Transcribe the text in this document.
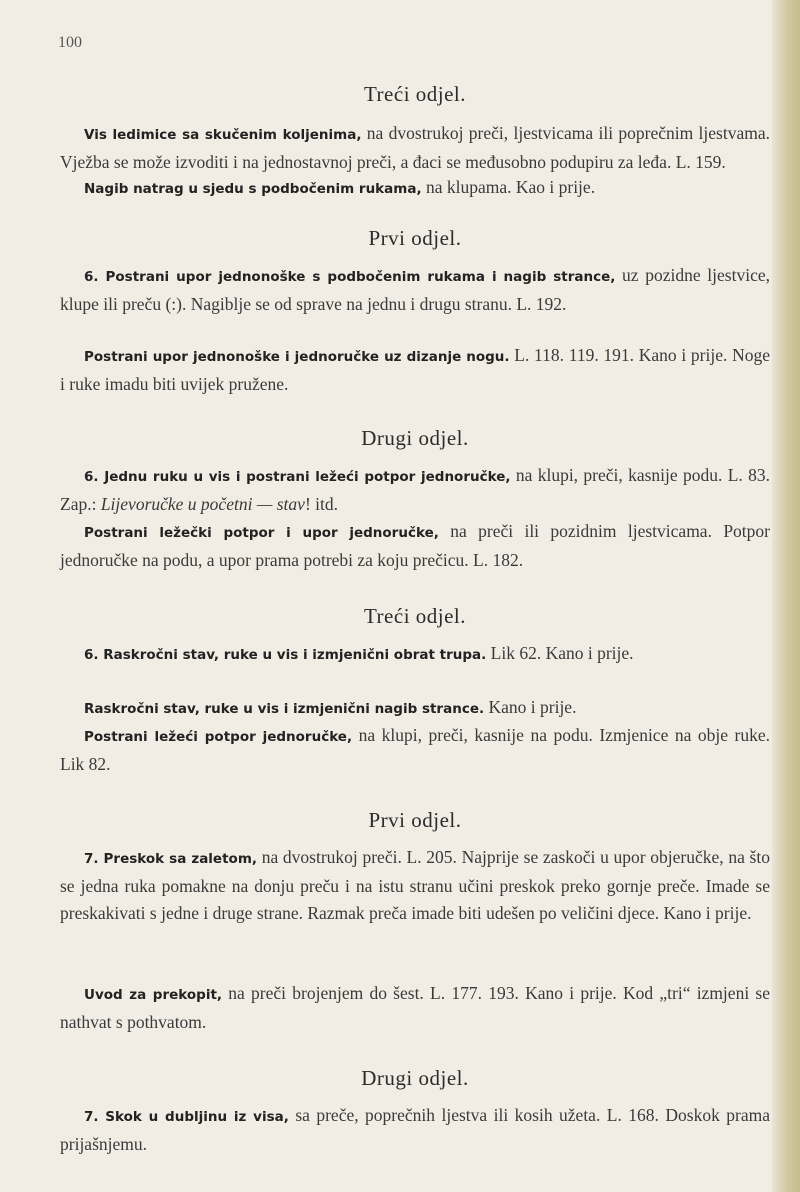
100
Treći odjel.
Vis ledimice sa skučenim koljenima, na dvostrukoj preči, ljestvicama ili poprečnim ljestvama. Vježba se može izvoditi i na jednostavnoj preči, a đaci se međusobno podupiru za leđa. L. 159.
Nagib natrag u sjedu s podbočenim rukama, na klupama. Kao i prije.
Prvi odjel.
6. Postrani upor jednonoške s podbočenim rukama i nagib strance, uz pozidne ljestvice, klupe ili preču (:). Nagiblje se od sprave na jednu i drugu stranu. L. 192.
Postrani upor jednonoške i jednoručke uz dizanje nogu. L. 118. 119. 191. Kano i prije. Noge i ruke imadu biti uvijek pružene.
Drugi odjel.
6. Jednu ruku u vis i postrani ležeći potpor jednoručke, na klupi, preči, kasnije podu. L. 83. Zap.: Lijevoručke u početni — stav! itd.
Postrani ležečki potpor i upor jednoručke, na preči ili pozidnim ljestvicama. Potpor jednoručke na podu, a upor prama potrebi za koju prečicu. L. 182.
Treći odjel.
6. Raskročni stav, ruke u vis i izmjenični obrat trupa. Lik 62. Kano i prije.
Raskročni stav, ruke u vis i izmjenični nagib strance. Kano i prije.
Postrani ležeći potpor jednoručke, na klupi, preči, kasnije na podu. Izmjenice na obje ruke. Lik 82.
Prvi odjel.
7. Preskok sa zaletom, na dvostrukoj preči. L. 205. Najprije se zaskoči u upor objeručke, na što se jedna ruka pomakne na donju preču i na istu stranu učini preskok preko gornje preče. Imade se preskakivati s jedne i druge strane. Razmak preča imade biti udešen po veličini djece. Kano i prije.
Uvod za prekopit, na preči brojenjem do šest. L. 177. 193. Kano i prije. Kod „tri“ izmjeni se nathvat s pothvatom.
Drugi odjel.
7. Skok u dubljinu iz visa, sa preče, poprečnih ljestva ili kosih užeta. L. 168. Doskok prama prijašnjemu.
